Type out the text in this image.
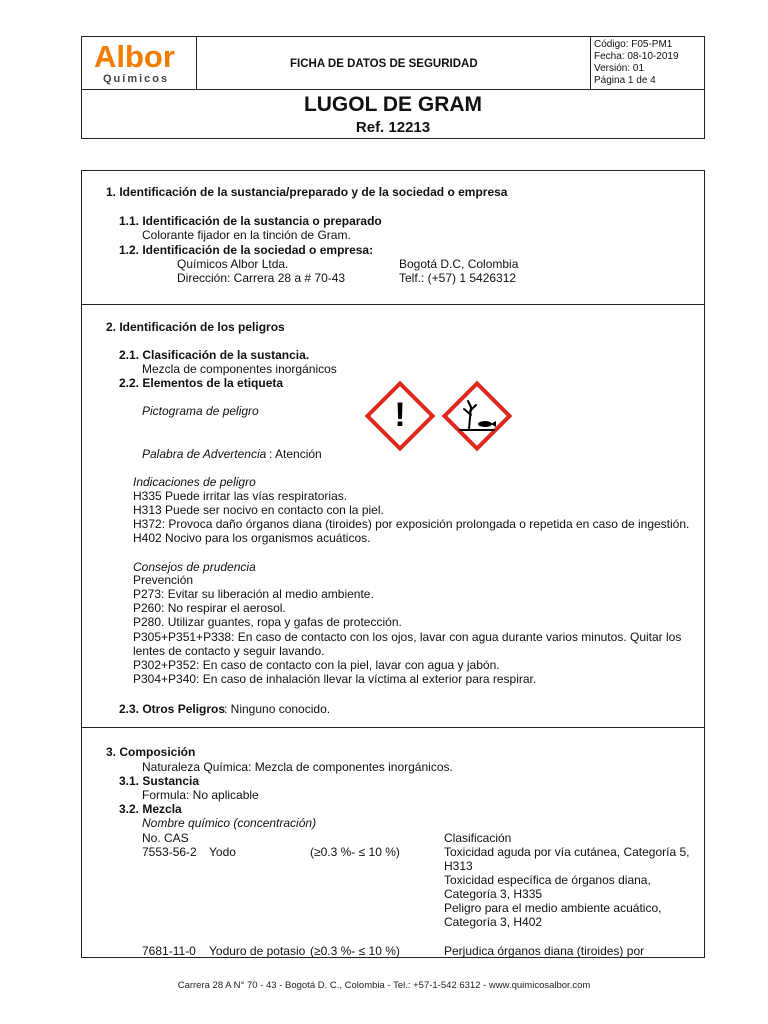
Albor
Químicos
FICHA DE DATOS DE SEGURIDAD
Código: F05-PM1
Fecha: 08-10-2019
Versión: 01
Página 1 de 4
LUGOL DE GRAM
Ref. 12213
1. Identificación de la sustancia/preparado y de la sociedad o empresa
1.1. Identificación de la sustancia o preparado
Colorante fijador en la tinción de Gram.
1.2. Identificación de la sociedad o empresa:
Químicos Albor Ltda.	Bogotá D.C, Colombia
Dirección: Carrera 28 a # 70-43	Telf.: (+57) 1 5426312
2. Identificación de los peligros
2.1. Clasificación de la sustancia.
Mezcla de componentes inorgánicos
2.2. Elementos de la etiqueta
Pictograma de peligro	!
Palabra de Advertencia : Atención
Indicaciones de peligro
H335 Puede irritar las vías respiratorias.
H313 Puede ser nocivo en contacto con la piel.
H372: Provoca daño órganos diana (tiroides) por exposición prolongada o repetida en caso de ingestión.
H402 Nocivo para los organismos acuáticos.
Consejos de prudencia
Prevención
P273: Evitar su liberación al medio ambiente.
P260: No respirar el aerosol.
P280. Utilizar guantes, ropa y gafas de protección.
P305+P351+P338: En caso de contacto con los ojos, lavar con agua durante varios minutos. Quitar los
lentes de contacto y seguir lavando.
P302+P352: En caso de contacto con la piel, lavar con agua y jabón.
P304+P340: En caso de inhalación llevar la víctima al exterior para respirar.
2.3. Otros Peligros
: Ninguno conocido.
3. Composición
Naturaleza Química: Mezcla de componentes inorgánicos.
3.1. Sustancia
Formula: No aplicable
3.2. Mezcla
Nombre químico (concentración)
No. CAS	Clasificación
7553-56-2 Yodo	(≥0.3 %- ≤ 10 %)	Toxicidad aguda por vía cutánea, Categoría 5,
H313
Toxicidad específica de órganos diana,
Categoría 3, H335
Peligro para el medio ambiente acuático,
Categoría 3, H402
7681-11-0 Yoduro de potasio (≥0.3 %- ≤ 10 %)	Perjudica órganos diana (tiroides) por
Carrera 28 A N° 70 - 43 - Bogotá D. C., Colombia - Tel.: +57-1-542 6312 - www.quimicosalbor.com
